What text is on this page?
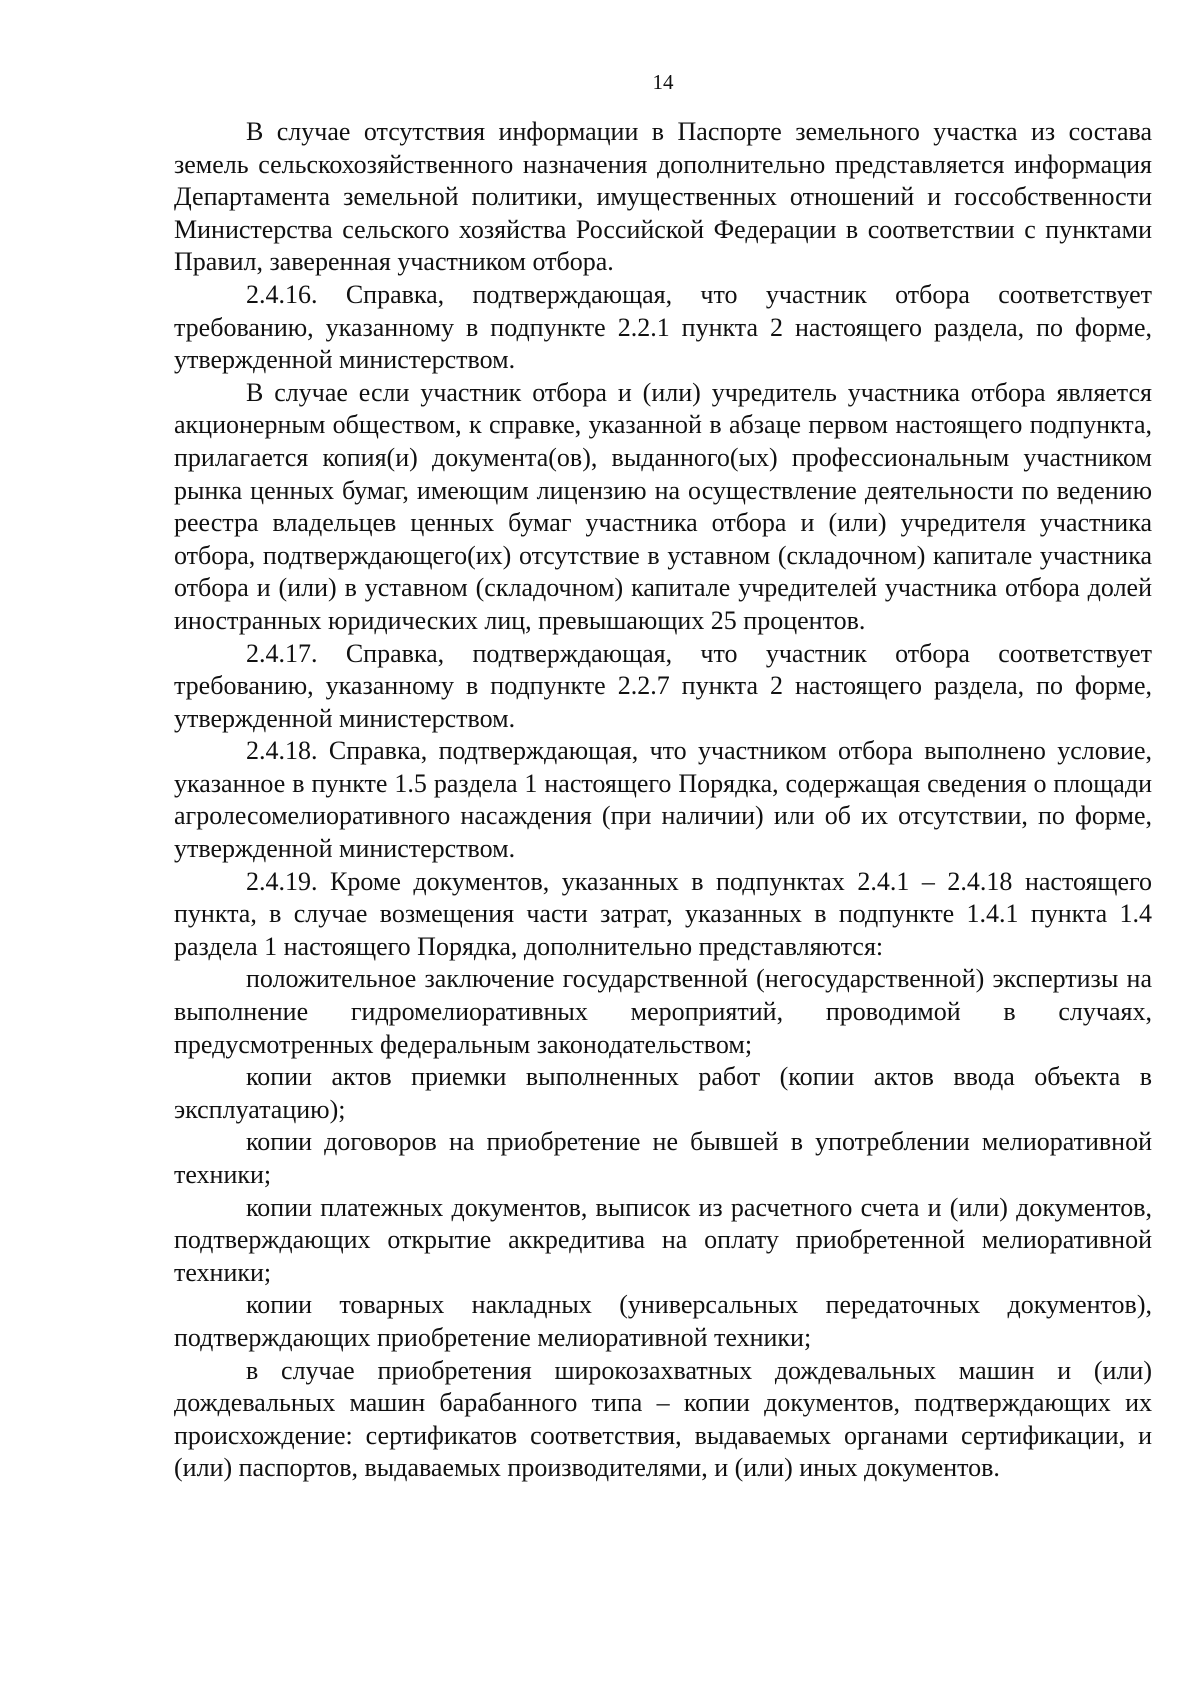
14

В случае отсутствия информации в Паспорте земельного участка из состава земель сельскохозяйственного назначения дополнительно представляется информация Департамента земельной политики, имущественных отношений и госсобственности Министерства сельского хозяйства Российской Федерации в соответствии с пунктами Правил, заверенная участником отбора.

2.4.16. Справка, подтверждающая, что участник отбора соответствует требованию, указанному в подпункте 2.2.1 пункта 2 настоящего раздела, по форме, утвержденной министерством.

В случае если участник отбора и (или) учредитель участника отбора является акционерным обществом, к справке, указанной в абзаце первом настоящего подпункта, прилагается копия(и) документа(ов), выданного(ых) профессиональным участником рынка ценных бумаг, имеющим лицензию на осуществление деятельности по ведению реестра владельцев ценных бумаг участника отбора и (или) учредителя участника отбора, подтверждающего(их) отсутствие в уставном (складочном) капитале участника отбора и (или) в уставном (складочном) капитале учредителей участника отбора долей иностранных юридических лиц, превышающих 25 процентов.

2.4.17. Справка, подтверждающая, что участник отбора соответствует требованию, указанному в подпункте 2.2.7 пункта 2 настоящего раздела, по форме, утвержденной министерством.

2.4.18. Справка, подтверждающая, что участником отбора выполнено условие, указанное в пункте 1.5 раздела 1 настоящего Порядка, содержащая сведения о площади агролесомелиоративного насаждения (при наличии) или об их отсутствии, по форме, утвержденной министерством.

2.4.19. Кроме документов, указанных в подпунктах 2.4.1 – 2.4.18 настоящего пункта, в случае возмещения части затрат, указанных в подпункте 1.4.1 пункта 1.4 раздела 1 настоящего Порядка, дополнительно представляются:

положительное заключение государственной (негосударственной) экспертизы на выполнение гидромелиоративных мероприятий, проводимой в случаях, предусмотренных федеральным законодательством;

копии актов приемки выполненных работ (копии актов ввода объекта в эксплуатацию);

копии договоров на приобретение не бывшей в употреблении мелиоративной техники;

копии платежных документов, выписок из расчетного счета и (или) документов, подтверждающих открытие аккредитива на оплату приобретенной мелиоративной техники;

копии товарных накладных (универсальных передаточных документов), подтверждающих приобретение мелиоративной техники;

в случае приобретения широкозахватных дождевальных машин и (или) дождевальных машин барабанного типа – копии документов, подтверждающих их происхождение: сертификатов соответствия, выдаваемых органами сертификации, и (или) паспортов, выдаваемых производителями, и (или) иных документов.
